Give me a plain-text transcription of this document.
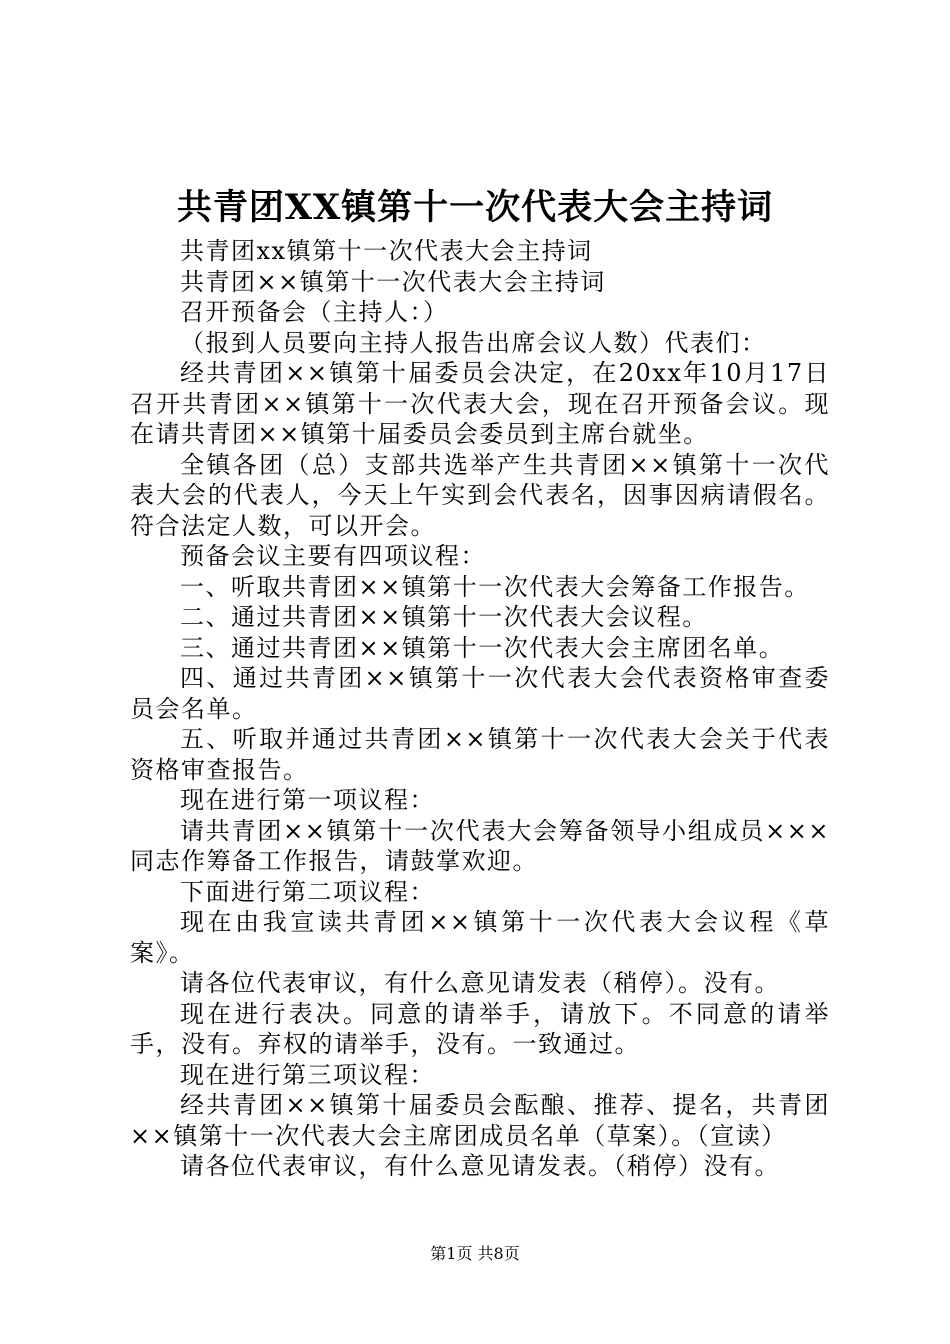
共青团XX镇第十一次代表大会主持词

共青团xx镇第十一次代表大会主持词

共青团××镇第十一次代表大会主持词

召开预备会（主持人：）

（报到人员要向主持人报告出席会议人数）代表们：

经共青团××镇第十届委员会决定，在20xx年10月17日召开共青团××镇第十一次代表大会，现在召开预备会议。现在请共青团××镇第十届委员会委员到主席台就坐。

全镇各团（总）支部共选举产生共青团××镇第十一次代表大会的代表人，今天上午实到会代表名，因事因病请假名。符合法定人数，可以开会。

预备会议主要有四项议程：

一、听取共青团××镇第十一次代表大会筹备工作报告。

二、通过共青团××镇第十一次代表大会议程。

三、通过共青团××镇第十一次代表大会主席团名单。

四、通过共青团××镇第十一次代表大会代表资格审查委员会名单。

五、听取并通过共青团××镇第十一次代表大会关于代表资格审查报告。

现在进行第一项议程：

请共青团××镇第十一次代表大会筹备领导小组成员×××同志作筹备工作报告，请鼓掌欢迎。

下面进行第二项议程：

现在由我宣读共青团××镇第十一次代表大会议程《草案》。

请各位代表审议，有什么意见请发表（稍停）。没有。

现在进行表决。同意的请举手，请放下。不同意的请举手，没有。弃权的请举手，没有。一致通过。

现在进行第三项议程：

经共青团××镇第十届委员会酝酿、推荐、提名，共青团××镇第十一次代表大会主席团成员名单（草案）。（宣读）

请各位代表审议，有什么意见请发表。（稍停）没有。

第1页 共8页
